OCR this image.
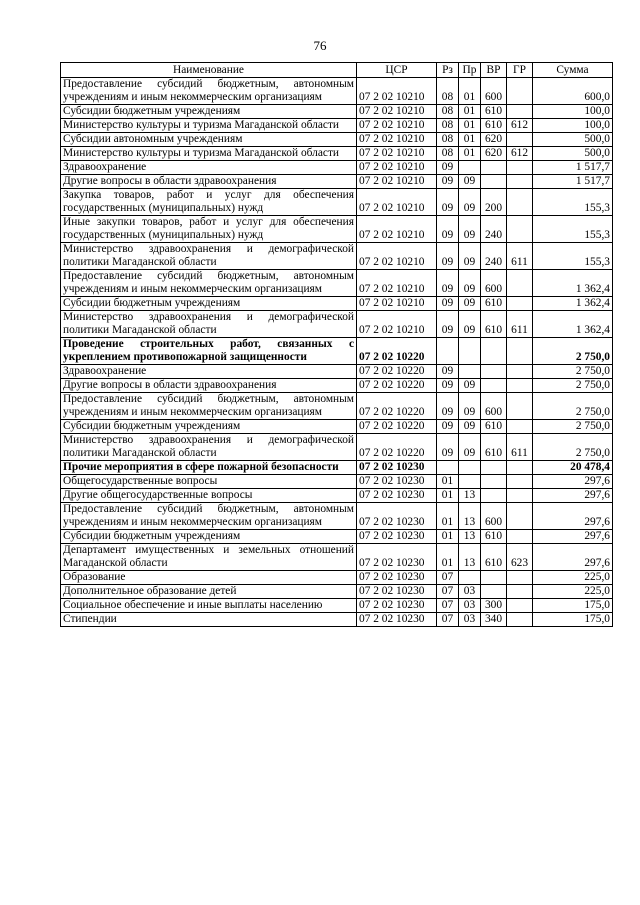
76
Наименование	ЦСР	Рз	Пр	ВР	ГР	Сумма
Предоставление субсидий бюджетным, автономным учреждениям и иным некоммерческим организациям	07 2 02 10210	08	01	600		600,0
Субсидии бюджетным учреждениям	07 2 02 10210	08	01	610		100,0
Министерство культуры и туризма Магаданской области	07 2 02 10210	08	01	610	612	100,0
Субсидии автономным учреждениям	07 2 02 10210	08	01	620		500,0
Министерство культуры и туризма Магаданской области	07 2 02 10210	08	01	620	612	500,0
Здравоохранение	07 2 02 10210	09				1 517,7
Другие вопросы в области здравоохранения	07 2 02 10210	09	09			1 517,7
Закупка товаров, работ и услуг для обеспечения государственных (муниципальных) нужд	07 2 02 10210	09	09	200		155,3
Иные закупки товаров, работ и услуг для обеспечения государственных (муниципальных) нужд	07 2 02 10210	09	09	240		155,3
Министерство здравоохранения и демографической политики Магаданской области	07 2 02 10210	09	09	240	611	155,3
Предоставление субсидий бюджетным, автономным учреждениям и иным некоммерческим организациям	07 2 02 10210	09	09	600		1 362,4
Субсидии бюджетным учреждениям	07 2 02 10210	09	09	610		1 362,4
Министерство здравоохранения и демографической политики Магаданской области	07 2 02 10210	09	09	610	611	1 362,4
Проведение строительных работ, связанных с укреплением противопожарной защищенности	07 2 02 10220					2 750,0
Здравоохранение	07 2 02 10220	09				2 750,0
Другие вопросы в области здравоохранения	07 2 02 10220	09	09			2 750,0
Предоставление субсидий бюджетным, автономным учреждениям и иным некоммерческим организациям	07 2 02 10220	09	09	600		2 750,0
Субсидии бюджетным учреждениям	07 2 02 10220	09	09	610		2 750,0
Министерство здравоохранения и демографической политики Магаданской области	07 2 02 10220	09	09	610	611	2 750,0
Прочие мероприятия в сфере пожарной безопасности	07 2 02 10230					20 478,4
Общегосударственные вопросы	07 2 02 10230	01				297,6
Другие общегосударственные вопросы	07 2 02 10230	01	13			297,6
Предоставление субсидий бюджетным, автономным учреждениям и иным некоммерческим организациям	07 2 02 10230	01	13	600		297,6
Субсидии бюджетным учреждениям	07 2 02 10230	01	13	610		297,6
Департамент имущественных и земельных отношений Магаданской области	07 2 02 10230	01	13	610	623	297,6
Образование	07 2 02 10230	07				225,0
Дополнительное образование детей	07 2 02 10230	07	03			225,0
Социальное обеспечение и иные выплаты населению	07 2 02 10230	07	03	300		175,0
Стипендии	07 2 02 10230	07	03	340		175,0
